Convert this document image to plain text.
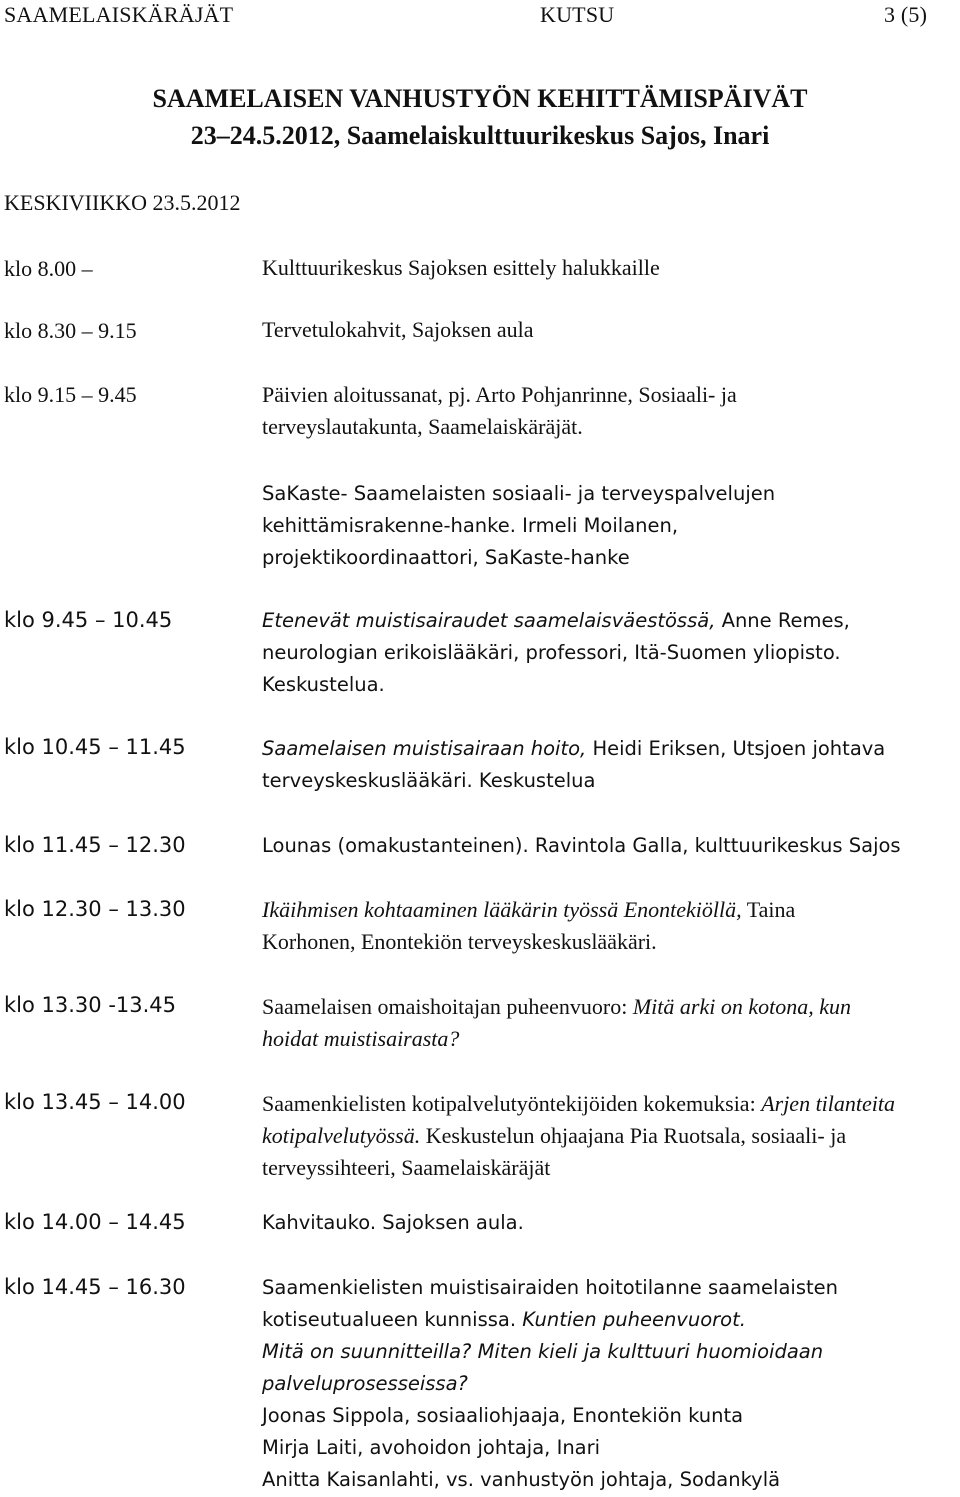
SAAMELAISKÄRÄJÄT	KUTSU	3 (5)
SAAMELAISEN VANHUSTYÖN KEHITTÄMISPÄIVÄT
23–24.5.2012, Saamelaiskulttuurikeskus Sajos, Inari
KESKIVIIKKO 23.5.2012
klo 8.00 –	Kulttuurikeskus Sajoksen esittely halukkaille

klo 8.30 – 9.15	Tervetulokahvit, Sajoksen aula

klo 9.15 – 9.45	Päivien aloitussanat, pj. Arto Pohjanrinne, Sosiaali- ja

terveyslautakunta, Saamelaiskäräjät.

SaKaste- Saamelaisten sosiaali- ja terveyspalvelujen

kehittämisrakenne-hanke. Irmeli Moilanen,

projektikoordinaattori, SaKaste-hanke

klo 9.45 – 10.45	Etenevät muistisairaudet saamelaisväestössä, Anne Remes,

neurologian erikoislääkäri, professori, Itä-Suomen yliopisto.

Keskustelua.

klo 10.45 – 11.45	Saamelaisen muistisairaan hoito, Heidi Eriksen, Utsjoen johtava

terveyskeskuslääkäri. Keskustelua

klo 11.45 – 12.30	Lounas (omakustanteinen). Ravintola Galla, kulttuurikeskus Sajos

klo 12.30 – 13.30	Ikäihmisen kohtaaminen lääkärin työssä Enontekiöllä, Taina

Korhonen, Enontekiön terveyskeskuslääkäri.

klo 13.30 -13.45	Saamelaisen omaishoitajan puheenvuoro: Mitä arki on kotona, kun

hoidat muistisairasta?

klo 13.45 – 14.00	Saamenkielisten kotipalvelutyöntekijöiden kokemuksia: Arjen tilanteita

kotipalvelutyössä. Keskustelun ohjaajana Pia Ruotsala, sosiaali- ja

terveyssihteeri, Saamelaiskäräjät

klo 14.00 – 14.45	Kahvitauko. Sajoksen aula.

klo 14.45 – 16.30	Saamenkielisten muistisairaiden hoitotilanne saamelaisten

kotiseutualueen kunnissa. Kuntien puheenvuorot.

Mitä on suunnitteilla? Miten kieli ja kulttuuri huomioidaan

palveluprosesseissa?

Joonas Sippola, sosiaaliohjaaja, Enontekiön kunta

Mirja Laiti, avohoidon johtaja, Inari

Anitta Kaisanlahti, vs. vanhustyön johtaja, Sodankylä
